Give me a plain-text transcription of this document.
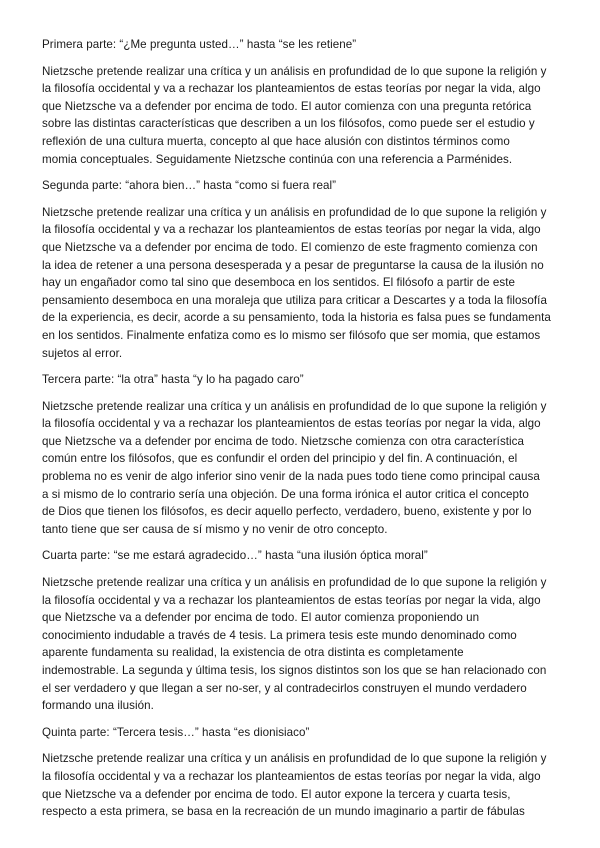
Primera parte: “¿Me pregunta usted…” hasta “se les retiene”
Nietzsche pretende realizar una crítica y un análisis en profundidad de lo que supone la religión y
la filosofía occidental y va a rechazar los planteamientos de estas teorías por negar la vida, algo
que Nietzsche va a defender por encima de todo. El autor comienza con una pregunta retórica
sobre las distintas características que describen a un los filósofos, como puede ser el estudio y
reflexión de una cultura muerta, concepto al que hace alusión con distintos términos como
momia conceptuales. Seguidamente Nietzsche continúa con una referencia a Parménides.
Segunda parte: “ahora bien…” hasta “como si fuera real”
Nietzsche pretende realizar una crítica y un análisis en profundidad de lo que supone la religión y
la filosofía occidental y va a rechazar los planteamientos de estas teorías por negar la vida, algo
que Nietzsche va a defender por encima de todo. El comienzo de este fragmento comienza con
la idea de retener a una persona desesperada y a pesar de preguntarse la causa de la ilusión no
hay un engañador como tal sino que desemboca en los sentidos. El filósofo a partir de este
pensamiento desemboca en una moraleja que utiliza para criticar a Descartes y a toda la filosofía
de la experiencia, es decir, acorde a su pensamiento, toda la historia es falsa pues se fundamenta
en los sentidos. Finalmente enfatiza como es lo mismo ser filósofo que ser momia, que estamos
sujetos al error.
Tercera parte: “la otra” hasta “y lo ha pagado caro”
Nietzsche pretende realizar una crítica y un análisis en profundidad de lo que supone la religión y
la filosofía occidental y va a rechazar los planteamientos de estas teorías por negar la vida, algo
que Nietzsche va a defender por encima de todo. Nietzsche comienza con otra característica
común entre los filósofos, que es confundir el orden del principio y del fin. A continuación, el
problema no es venir de algo inferior sino venir de la nada pues todo tiene como principal causa
a si mismo de lo contrario sería una objeción. De una forma irónica el autor critica el concepto
de Dios que tienen los filósofos, es decir aquello perfecto, verdadero, bueno, existente y por lo
tanto tiene que ser causa de sí mismo y no venir de otro concepto.
Cuarta parte: “se me estará agradecido…” hasta “una ilusión óptica moral”
Nietzsche pretende realizar una crítica y un análisis en profundidad de lo que supone la religión y
la filosofía occidental y va a rechazar los planteamientos de estas teorías por negar la vida, algo
que Nietzsche va a defender por encima de todo. El autor comienza proponiendo un
conocimiento indudable a través de 4 tesis. La primera tesis este mundo denominado como
aparente fundamenta su realidad, la existencia de otra distinta es completamente
indemostrable. La segunda y última tesis, los signos distintos son los que se han relacionado con
el ser verdadero y que llegan a ser no-ser, y al contradecirlos construyen el mundo verdadero
formando una ilusión.
Quinta parte: “Tercera tesis…” hasta “es dionisiaco”
Nietzsche pretende realizar una crítica y un análisis en profundidad de lo que supone la religión y
la filosofía occidental y va a rechazar los planteamientos de estas teorías por negar la vida, algo
que Nietzsche va a defender por encima de todo. El autor expone la tercera y cuarta tesis,
respecto a esta primera, se basa en la recreación de un mundo imaginario a partir de fábulas
